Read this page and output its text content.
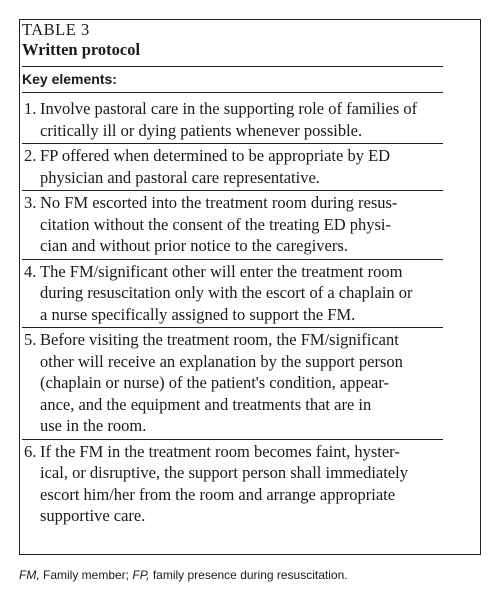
TABLE 3
Written protocol
Key elements:
1. Involve pastoral care in the supporting role of families of
critically ill or dying patients whenever possible.
2. FP offered when determined to be appropriate by ED
physician and pastoral care representative.
3. No FM escorted into the treatment room during resus-
citation without the consent of the treating ED physi-
cian and without prior notice to the caregivers.
4. The FM/significant other will enter the treatment room
during resuscitation only with the escort of a chaplain or
a nurse specifically assigned to support the FM.
5. Before visiting the treatment room, the FM/significant
other will receive an explanation by the support person
(chaplain or nurse) of the patient's condition, appear-
ance, and the equipment and treatments that are in
use in the room.
6. If the FM in the treatment room becomes faint, hyster-
ical, or disruptive, the support person shall immediately
escort him/her from the room and arrange appropriate
supportive care.
FM, Family member; FP, family presence during resuscitation.
